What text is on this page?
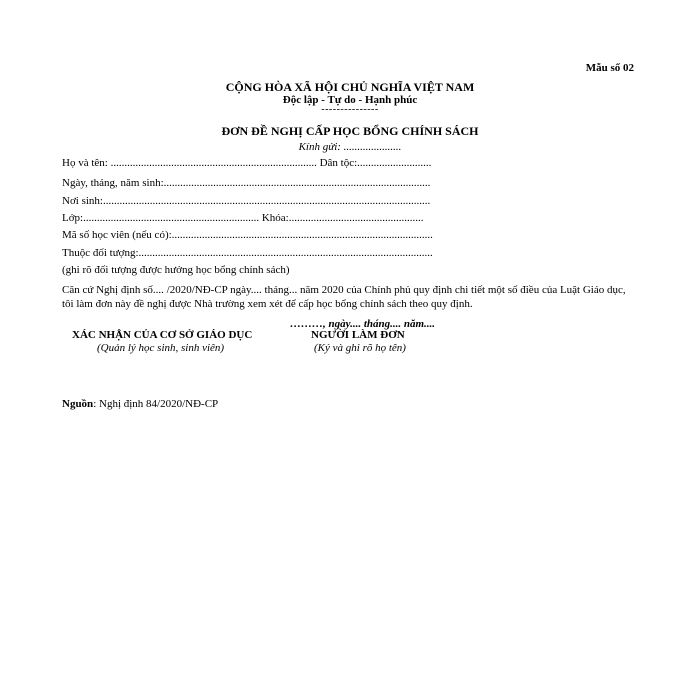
Mẫu số 02
CỘNG HÒA XÃ HỘI CHỦ NGHĨA VIỆT NAM
Độc lập - Tự do - Hạnh phúc
---------------
ĐƠN ĐỀ NGHỊ CẤP HỌC BỔNG CHÍNH SÁCH
Kính gửi: .....................
Họ và tên: ........................................................................... Dân tộc:...........................
Ngày, tháng, năm sinh:.................................................................................................
Nơi sinh:.......................................................................................................................
Lớp:................................................................ Khóa:.................................................
Mã số học viên (nếu có):...............................................................................................
Thuộc đối tượng:...........................................................................................................
(ghi rõ đối tượng được hưởng học bổng chính sách)
Căn cứ Nghị định số.... /2020/NĐ-CP ngày.... tháng... năm 2020 của Chính phủ quy định chi tiết một số điều của Luật Giáo dục, tôi làm đơn này đề nghị được Nhà trường xem xét để cấp học bổng chính sách theo quy định.
………, ngày.... tháng.... năm....
XÁC NHẬN CỦA CƠ SỞ GIÁO DỤC
(Quản lý học sinh, sinh viên)
NGƯỜI LÀM ĐƠN
(Ký và ghi rõ họ tên)
Nguồn: Nghị định 84/2020/NĐ-CP
